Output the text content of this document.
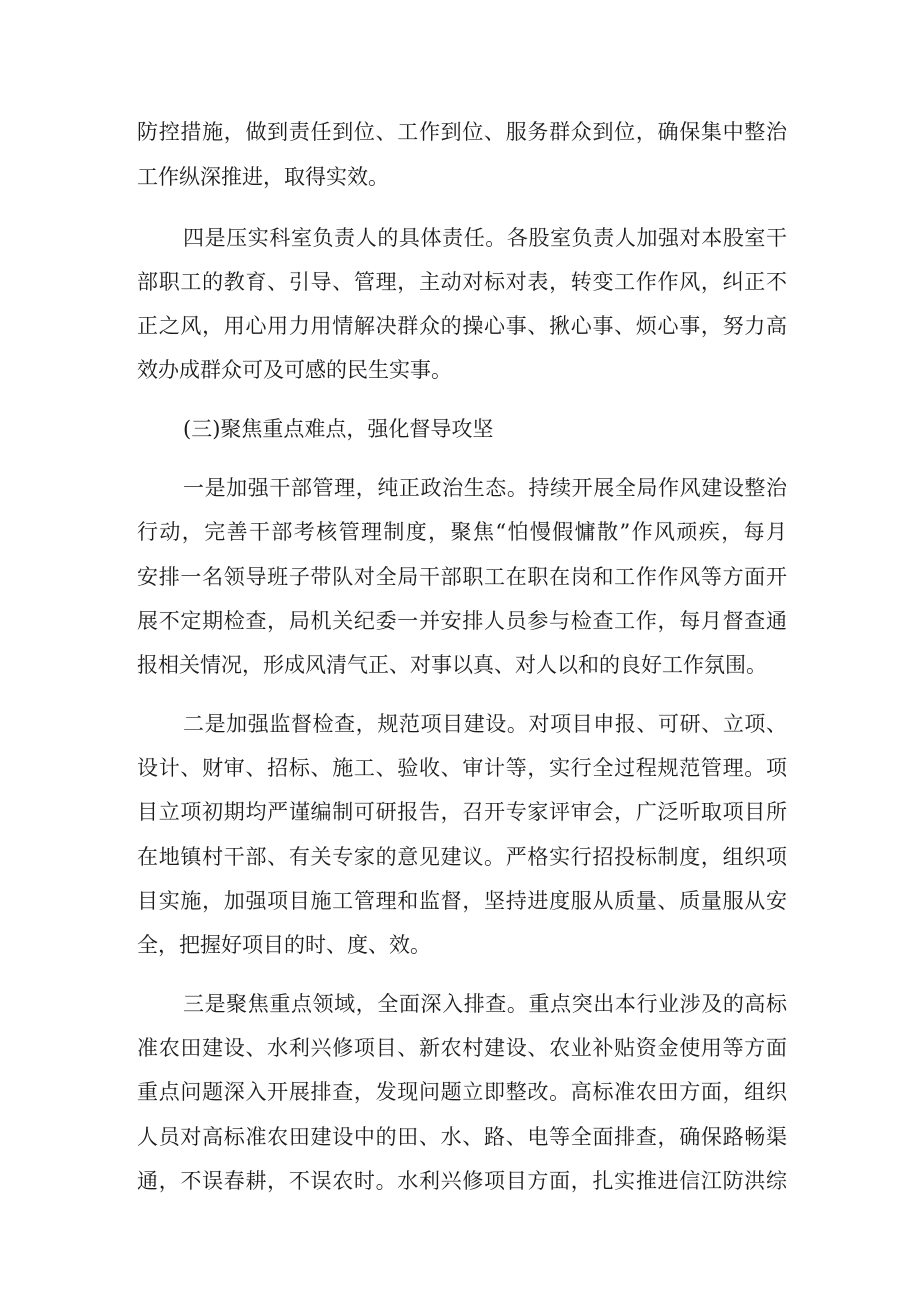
防控措施，做到责任到位、工作到位、服务群众到位，确保集中整治
工作纵深推进，取得实效。
四是压实科室负责人的具体责任。各股室负责人加强对本股室干
部职工的教育、引导、管理，主动对标对表，转变工作作风，纠正不
正之风，用心用力用情解决群众的操心事、揪心事、烦心事，努力高
效办成群众可及可感的民生实事。
(三)聚焦重点难点，强化督导攻坚
一是加强干部管理，纯正政治生态。持续开展全局作风建设整治
行动，完善干部考核管理制度，聚焦“怕慢假慵散”作风顽疾，每月
安排一名领导班子带队对全局干部职工在职在岗和工作作风等方面开
展不定期检查，局机关纪委一并安排人员参与检查工作，每月督查通
报相关情况，形成风清气正、对事以真、对人以和的良好工作氛围。
二是加强监督检查，规范项目建设。对项目申报、可研、立项、
设计、财审、招标、施工、验收、审计等，实行全过程规范管理。项
目立项初期均严谨编制可研报告，召开专家评审会，广泛听取项目所
在地镇村干部、有关专家的意见建议。严格实行招投标制度，组织项
目实施，加强项目施工管理和监督，坚持进度服从质量、质量服从安
全，把握好项目的时、度、效。
三是聚焦重点领域，全面深入排查。重点突出本行业涉及的高标
准农田建设、水利兴修项目、新农村建设、农业补贴资金使用等方面
重点问题深入开展排查，发现问题立即整改。高标准农田方面，组织
人员对高标准农田建设中的田、水、路、电等全面排查，确保路畅渠
通，不误春耕，不误农时。水利兴修项目方面，扎实推进信江防洪综
